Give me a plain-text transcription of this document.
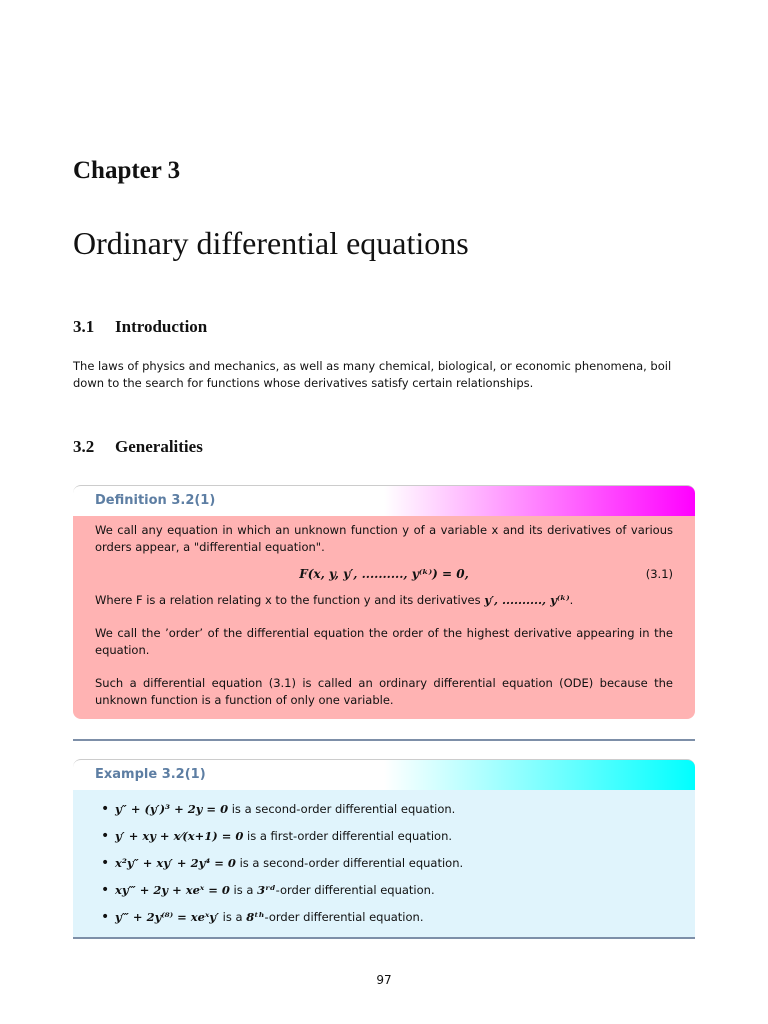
Chapter 3
Ordinary differential equations
3.1 Introduction
The laws of physics and mechanics, as well as many chemical, biological, or economic phenomena, boil down to the search for functions whose derivatives satisfy certain relationships.
3.2 Generalities
Definition 3.2(1)
We call any equation in which an unknown function y of a variable x and its derivatives of various orders appear, a "differential equation".
F(x, y, y′, .........., y⁽ᵏ⁾) = 0,	(3.1)
Where F is a relation relating x to the function y and its derivatives y′, .........., y⁽ᵏ⁾.
We call the ’order’ of the differential equation the order of the highest derivative appearing in the equation.
Such a differential equation (3.1) is called an ordinary differential equation (ODE) because the unknown function is a function of only one variable.
Example 3.2(1)
• y″ + (y′)³ + 2y = 0 is a second-order differential equation.
• y′ + xy + x⁄(x+1) = 0 is a first-order differential equation.
• x²y″ + xy′ + 2y⁴ = 0 is a second-order differential equation.
• xy‴ + 2y + xeˣ = 0 is a 3ʳᵈ-order differential equation.
• y‴ + 2y⁽⁸⁾ = xeˣy′ is a 8ᵗʰ-order differential equation.
97
